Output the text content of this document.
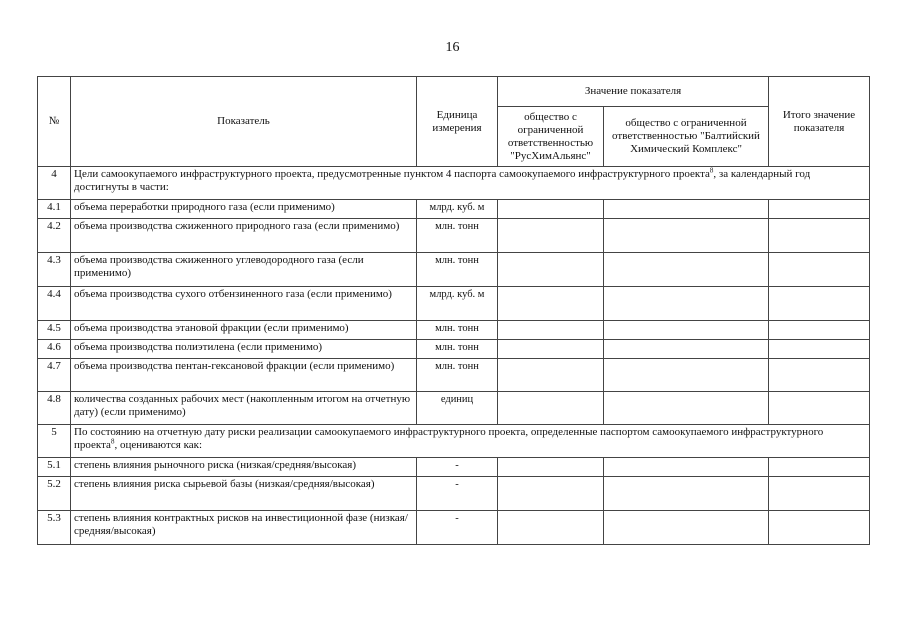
16
№	Показатель	Единица измерения	Значение показателя		Итого значение показателя
			общество с ограниченной ответственностью "РусХимАльянс"	общество с ограниченной ответственностью "Балтийский Химический Комплекс"	
4	Цели самоокупаемого инфраструктурного проекта, предусмотренные пунктом 4 паспорта самоокупаемого инфраструктурного проекта$^8$, за календарный год достигнуты в части:				
4.1	объема переработки природного газа (если применимо)	млрд. куб. м			
4.2	объема производства сжиженного природного газа (если применимо)	млн. тонн			
4.3	объема производства сжиженного углеводородного газа (если применимо)	млн. тонн			
4.4	объема производства сухого отбензиненного газа (если применимо)	млрд. куб. м			
4.5	объема производства этановой фракции (если применимо)	млн. тонн			
4.6	объема производства полиэтилена (если применимо)	млн. тонн			
4.7	объема производства пентан-гексановой фракции (если применимо)	млн. тонн			
4.8	количества созданных рабочих мест (накопленным итогом на отчетную дату) (если применимо)	единиц			
5	По состоянию на отчетную дату риски реализации самоокупаемого инфраструктурного проекта, определенные паспортом самоокупаемого инфраструктурного проекта$^8$, оцениваются как:				
5.1	степень влияния рыночного риска (низкая/средняя/высокая)	-			
5.2	степень влияния риска сырьевой базы (низкая/средняя/высокая)	-			
5.3	степень влияния контрактных рисков на инвестиционной фазе (низкая/средняя/высокая)	-			
